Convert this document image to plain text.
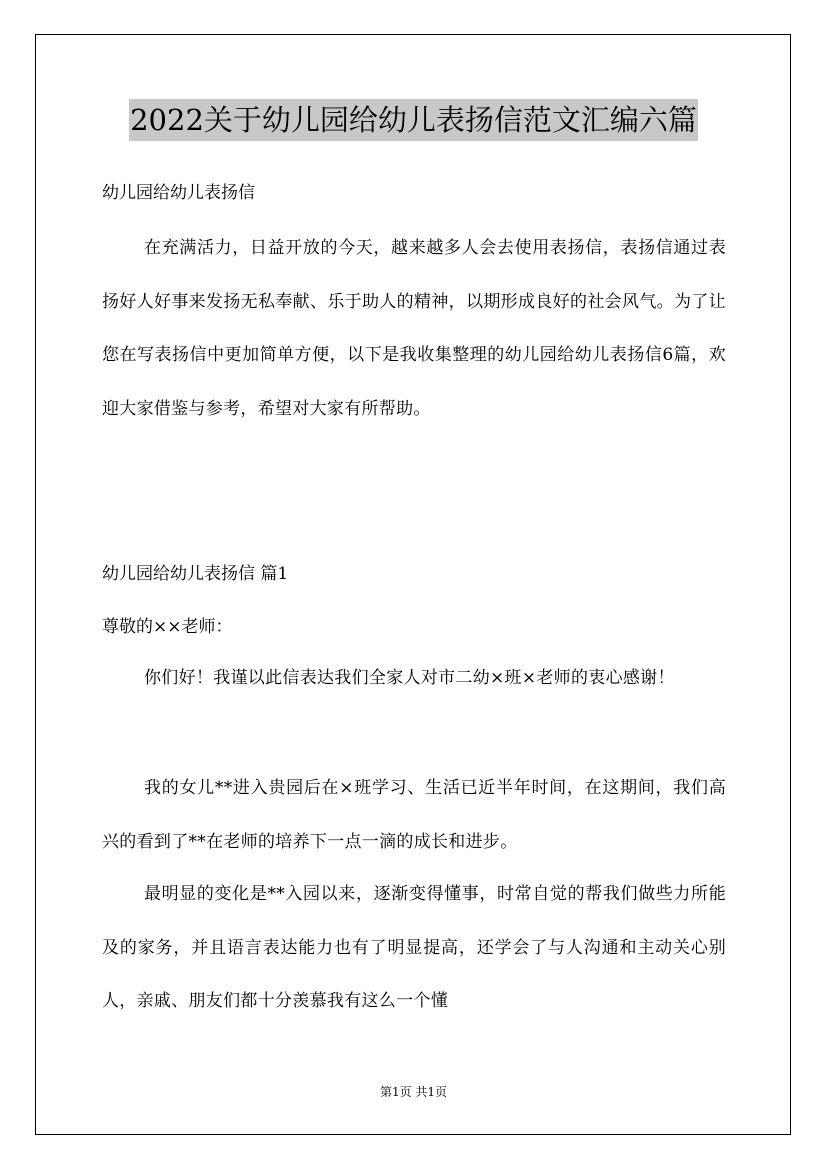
2022关于幼儿园给幼儿表扬信范文汇编六篇
幼儿园给幼儿表扬信
在充满活力，日益开放的今天，越来越多人会去使用表扬信，表扬信通过表扬好人好事来发扬无私奉献、乐于助人的精神，以期形成良好的社会风气。为了让您在写表扬信中更加简单方便，以下是我收集整理的幼儿园给幼儿表扬信6篇，欢迎大家借鉴与参考，希望对大家有所帮助。
幼儿园给幼儿表扬信 篇1
尊敬的××老师：
你们好！我谨以此信表达我们全家人对市二幼×班×老师的衷心感谢！
我的女儿**进入贵园后在×班学习、生活已近半年时间，在这期间，我们高兴的看到了**在老师的培养下一点一滴的成长和进步。
最明显的变化是**入园以来，逐渐变得懂事，时常自觉的帮我们做些力所能及的家务，并且语言表达能力也有了明显提高，还学会了与人沟通和主动关心别人，亲戚、朋友们都十分羡慕我有这么一个懂
第1页 共1页
